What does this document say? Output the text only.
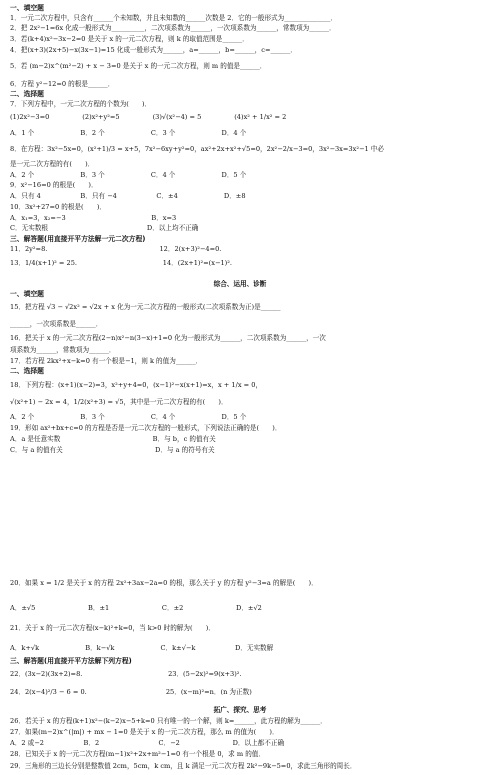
一、填空题
1．一元二次方程中，只含有______个未知数，并且未知数的______次数是 2．它的一般形式为______________．
2．把 2x²−1=6x 化成一般形式为__________，二次项系数为______，一次项系数为______，常数项为______．
3．若(k+4)x²−3x−2=0 是关于 x 的一元二次方程，则 k 的取值范围是______．
4．把(x+3)(2x+5)−x(3x−1)=15 化成一般形式为______，a=______，b=______，c=______．
5．若 (m−2)x^(m²−2) + x − 3=0 是关于 x 的一元二次方程，则 m 的值是______．
6．方程 y²−12=0 的根是______．
二、选择题
7．下列方程中，一元二次方程的个数为(　　)．
(1)2x²−3=0　　　　　(2)x²+y²=5　　　　　(3)√(x²−4) = 5　　　　　(4)x² + 1/x² = 2
A．1 个　　　　　　　B．2 个　　　　　　　C．3 个　　　　　　　D．4 个
8．在方程：3x²−5x=0，(x²+1)/3 = x+5，7x²−6xy+y²=0，ax²+2x+x²+√5=0，2x²−2/x−3=0，3x²−3x=3x²−1 中必
是一元二次方程的有(　　)．
A．2 个　　　　　　　B．3 个　　　　　　　C．4 个　　　　　　　D．5 个
9．x²−16=0 的根是(　　)．
A．只有 4　　　　　　B．只有 −4　　　　　　C．±4　　　　　　　D．±8
10．3x²+27=0 的根是(　　)．
A．x₁=3，x₂=−3　　　　　　　　　　　　　B．x=3
C．无实数根　　　　　　　　　　　　　　　D．以上均不正确
三、解答题(用直接开平方法解一元二次方程)
11．2y²=8.　　　　　　　　　　　　　　　　　12．2(x+3)²−4=0.
13．1/4(x+1)² = 25.　　　　　　　　　　　　　14．(2x+1)²=(x−1)².
综合、运用、诊断
一、填空题
15．把方程 √3 − √2x² = √2x + x 化为一元二次方程的一般形式(二次项系数为正)是______
______，一次项系数是______．
16．把关于 x 的一元二次方程(2−n)x²−n(3−x)+1=0 化为一般形式为______，二次项系数为______，一次
项系数为______，常数项为______．
17．若方程 2kx²+x−k=0 有一个根是−1，则 k 的值为______．
二、选择题
18．下列方程：(x+1)(x−2)=3，x²+y+4=0，(x−1)²−x(x+1)=x，x + 1/x = 0，
√(x²+1) − 2x = 4，1/2(x²+3) = √5，其中是一元二次方程的有(　　)．
A．2 个　　　　　　　B．3 个　　　　　　　C．4 个　　　　　　　D．5 个
19．形如 ax²+bx+c=0 的方程是否是一元二次方程的一般形式，下列说法正确的是(　　)．
A．a 是任意实数　　　　　　　　　　　　　　B．与 b，c 的值有关
C．与 a 的值有关　　　　　　　　　　　　　　D．与 a 的符号有关
20．如果 x = 1/2 是关于 x 的方程 2x²+3ax−2a=0 的根，那么关于 y 的方程 y²−3=a 的解是(　　)．
A．±√5　　　　　　　　B．±1　　　　　　　　C．±2　　　　　　　　D．±√2
21．关于 x 的一元二次方程(x−k)²+k=0，当 k>0 时的解为(　　)．
A．k+√k　　　　　　　B．k−√k　　　　　　　C．k±√−k　　　　　　D．无实数解
三、解答题(用直接开平方法解下列方程)
22．(3x−2)(3x+2)=8.　　　　　　　　　　　　　23．(5−2x)²=9(x+3)².
24．2(x−4)²/3 − 6 = 0.　　　　　　　　　　　　25．(x−m)²=n．(n 为正数)
拓广、探究、思考
26．若关于 x 的方程(k+1)x²−(k−2)x−5+k=0 只有唯一的一个解，则 k=______，此方程的解为______．
27．如果(m−2)x^(|m|) + mx − 1=0 是关于 x 的一元二次方程，那么 m 的值为(　　)．
A．2 或−2　　　　　　B．2　　　　　　　　　C．−2　　　　　　　　D．以上都不正确
28．已知关于 x 的一元二次方程(m−1)x²+2x+m²−1=0 有一个根是 0，求 m 的值．
29．三角形的三边长分别是整数值 2cm，5cm，k cm，且 k 满足一元二次方程 2k²−9k−5=0，求此三角形的周长．
